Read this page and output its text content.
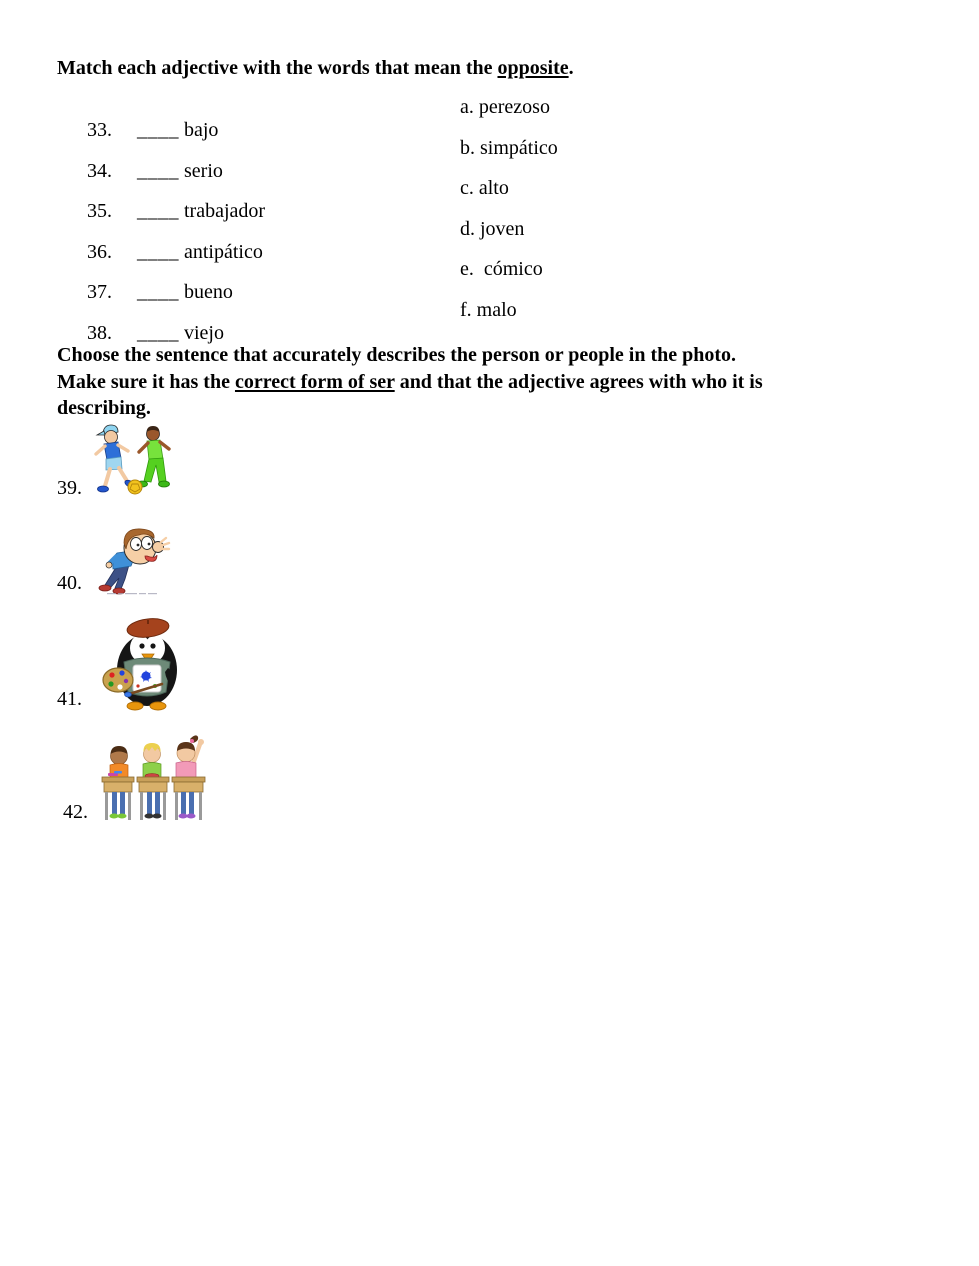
Match each adjective with the words that mean the opposite.

33. ____ bajo

a. perezoso

34. ____ serio

b. simpático

35. ____ trabajador

c. alto

36. ____ antipático

d. joven

37. ____ bueno

e.  cómico

38. ____ viejo

f. malo

Choose the sentence that accurately describes the person or people in the photo.
Make sure it has the correct form of ser and that the adjective agrees with who it is
describing.
39.
40.
41.
42.
